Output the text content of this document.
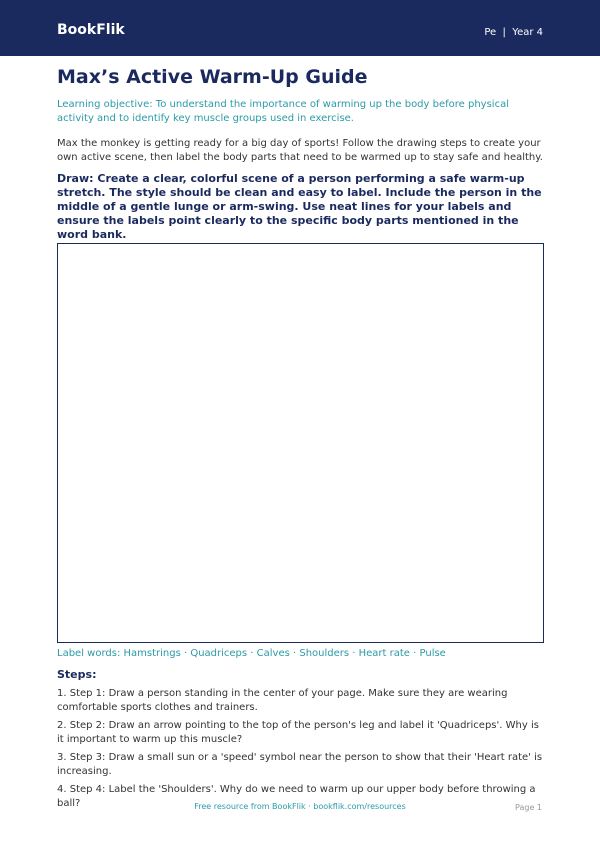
BookFlik	Pe  |  Year 4
Max’s Active Warm-Up Guide
Learning objective: To understand the importance of warming up the body before physical activity and to identify key muscle groups used in exercise.
Max the monkey is getting ready for a big day of sports! Follow the drawing steps to create your own active scene, then label the body parts that need to be warmed up to stay safe and healthy.
Draw: Create a clear, colorful scene of a person performing a safe warm-up stretch. The style should be clean and easy to label. Include the person in the middle of a gentle lunge or arm-swing. Use neat lines for your labels and ensure the labels point clearly to the specific body parts mentioned in the word bank.
Label words: Hamstrings · Quadriceps · Calves · Shoulders · Heart rate · Pulse
Steps:
1. Step 1: Draw a person standing in the center of your page. Make sure they are wearing comfortable sports clothes and trainers.
2. Step 2: Draw an arrow pointing to the top of the person's leg and label it 'Quadriceps'. Why is it important to warm up this muscle?
3. Step 3: Draw a small sun or a 'speed' symbol near the person to show that their 'Heart rate' is increasing.
4. Step 4: Label the 'Shoulders'. Why do we need to warm up our upper body before throwing a ball?	Free resource from BookFlik · bookflik.com/resources	Page 1
